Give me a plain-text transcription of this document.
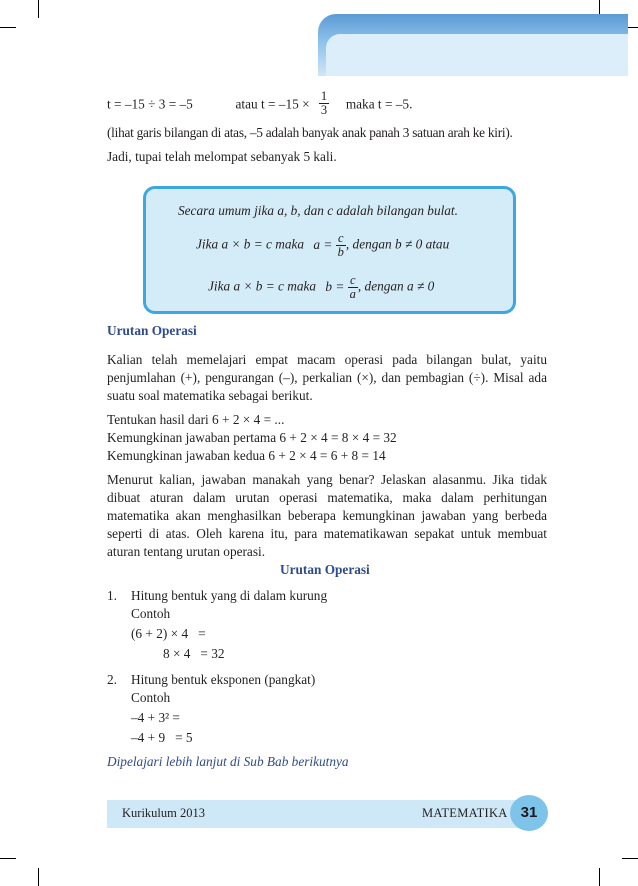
t = –15 ÷ 3 = –5	atau $t = -15 \times \frac{1}{3}$ maka t = –5.
(lihat garis bilangan di atas, –5 adalah banyak anak panah 3 satuan arah ke kiri).
Jadi, tupai telah melompat sebanyak 5 kali.
Secara umum jika a, b, dan c adalah bilangan bulat.
Jika a × b = c maka $a = \frac{c}{b}$ , dengan b ≠ 0 atau
Jika a × b = c maka $b = \frac{c}{a}$ , dengan a ≠ 0
Urutan Operasi
Kalian telah memelajari empat macam operasi pada bilangan bulat, yaitu penjumlahan (+), pengurangan (–), perkalian (×), dan pembagian (÷). Misal ada suatu soal matematika sebagai berikut.
Tentukan hasil dari 6 + 2 × 4 = ...
Kemungkinan jawaban pertama 6 + 2 × 4 = 8 × 4 = 32
Kemungkinan jawaban kedua 6 + 2 × 4 = 6 + 8 = 14
Menurut kalian, jawaban manakah yang benar? Jelaskan alasanmu. Jika tidak dibuat aturan dalam urutan operasi matematika, maka dalam perhitungan matematika akan menghasilkan beberapa kemungkinan jawaban yang berbeda seperti di atas. Oleh karena itu, para matematikawan sepakat untuk membuat aturan tentang urutan operasi.
Urutan Operasi
1. Hitung bentuk yang di dalam kurung
Contoh
(6 + 2) × 4   =
8 × 4   = 32
2. Hitung bentuk eksponen (pangkat)
Contoh
–4 + 3² =
–4 + 9   = 5
Dipelajari lebih lanjut di Sub Bab berikutnya
Kurikulum 2013	MATEMATIKA 31
